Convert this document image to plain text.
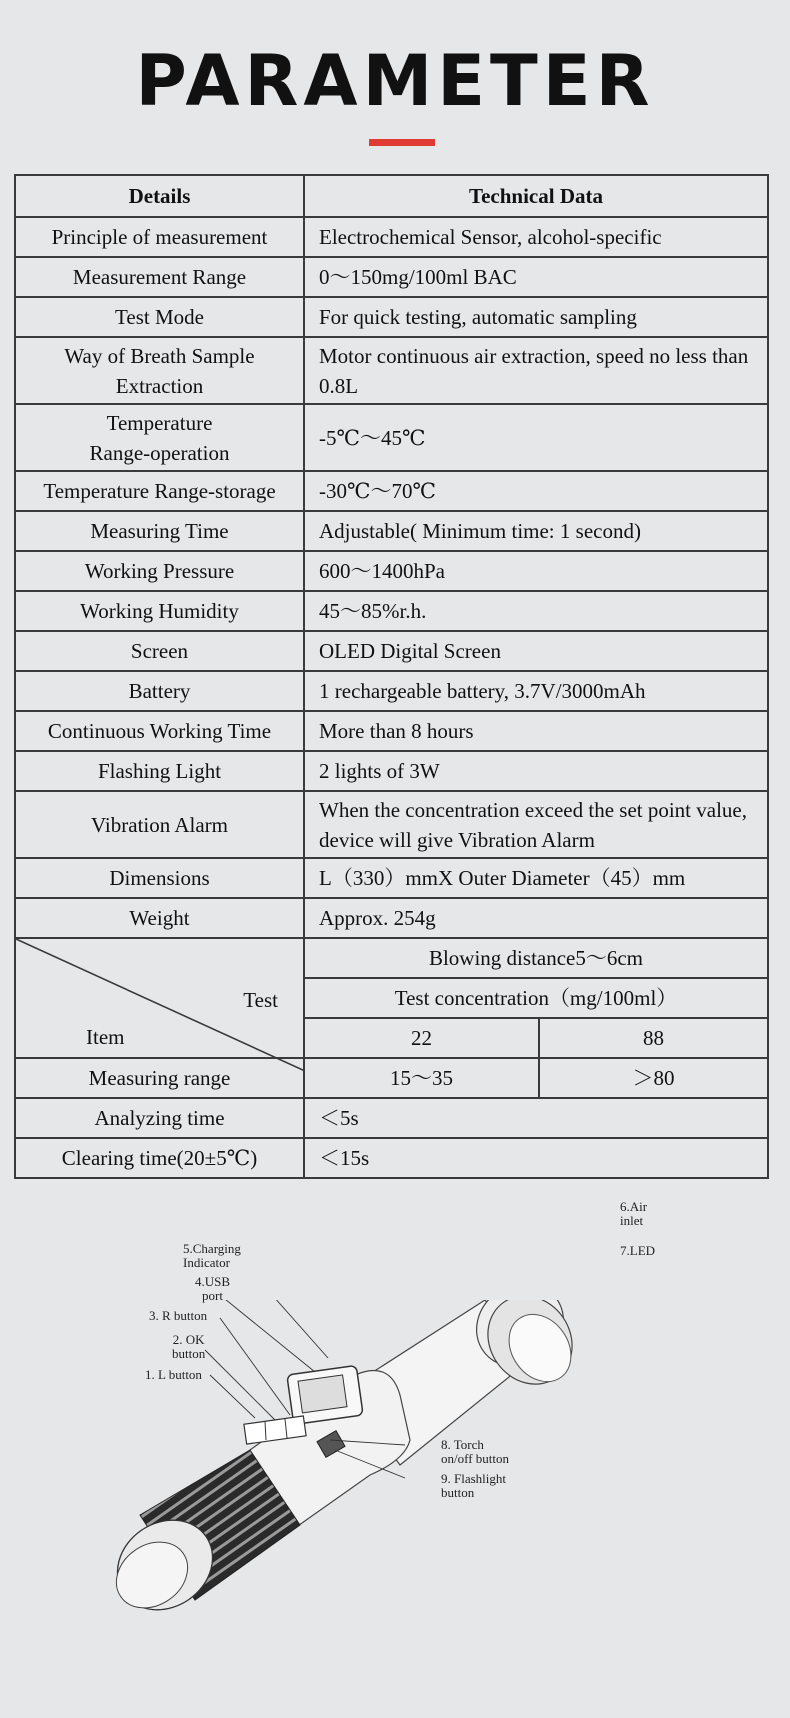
PARAMETER
Details	Technical Data	
Principle of measurement	Electrochemical Sensor, alcohol-specific	
Measurement Range	0～150mg/100ml BAC	
Test Mode	For quick testing, automatic sampling	
Way of Breath Sample Extraction	Motor continuous air extraction, speed no less than 0.8L	
Temperature Range-operation	-5℃～45℃	
Temperature Range-storage	-30℃～70℃	
Measuring Time	Adjustable( Minimum time: 1 second)	
Working Pressure	600～1400hPa	
Working Humidity	45～85%r.h.	
Screen	OLED Digital Screen	
Battery	1 rechargeable battery, 3.7V/3000mAh	
Continuous Working Time	More than 8 hours	
Flashing Light	2 lights of 3W	
Vibration Alarm	When the concentration exceed the set point value, device will give Vibration Alarm	
Dimensions	L（330）mmX Outer Diameter（45）mm	
Weight	Approx. 254g	

Test
Item	Blowing distance5～6cm	
	Test concentration（mg/100ml）	
	22	88
Measuring range	15～35	＞80
Analyzing time	＜5s	
Clearing time(20±5℃)	＜15s	
6.Air
inlet
7.LED
5.Charging
Indicator
4.USB
port
3. R button
2. OK
button
1. L button
8. Torch
on/off button
9. Flashlight
button
